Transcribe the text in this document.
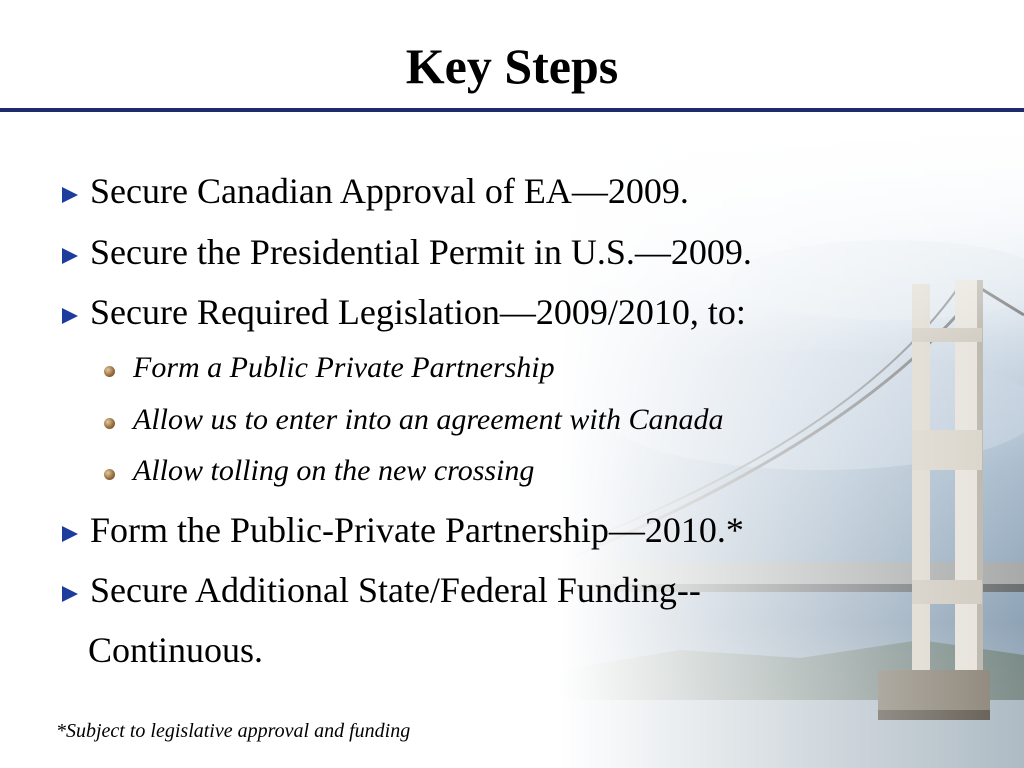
Key Steps
Secure Canadian Approval of EA—2009.
Secure the Presidential Permit in U.S.—2009.
Secure Required Legislation—2009/2010, to:
Form a Public Private Partnership
Allow us to enter into an agreement with Canada
Allow tolling on the new crossing
Form the Public-Private Partnership—2010.*
Secure Additional State/Federal Funding--
Continuous.
*Subject to legislative approval and funding
